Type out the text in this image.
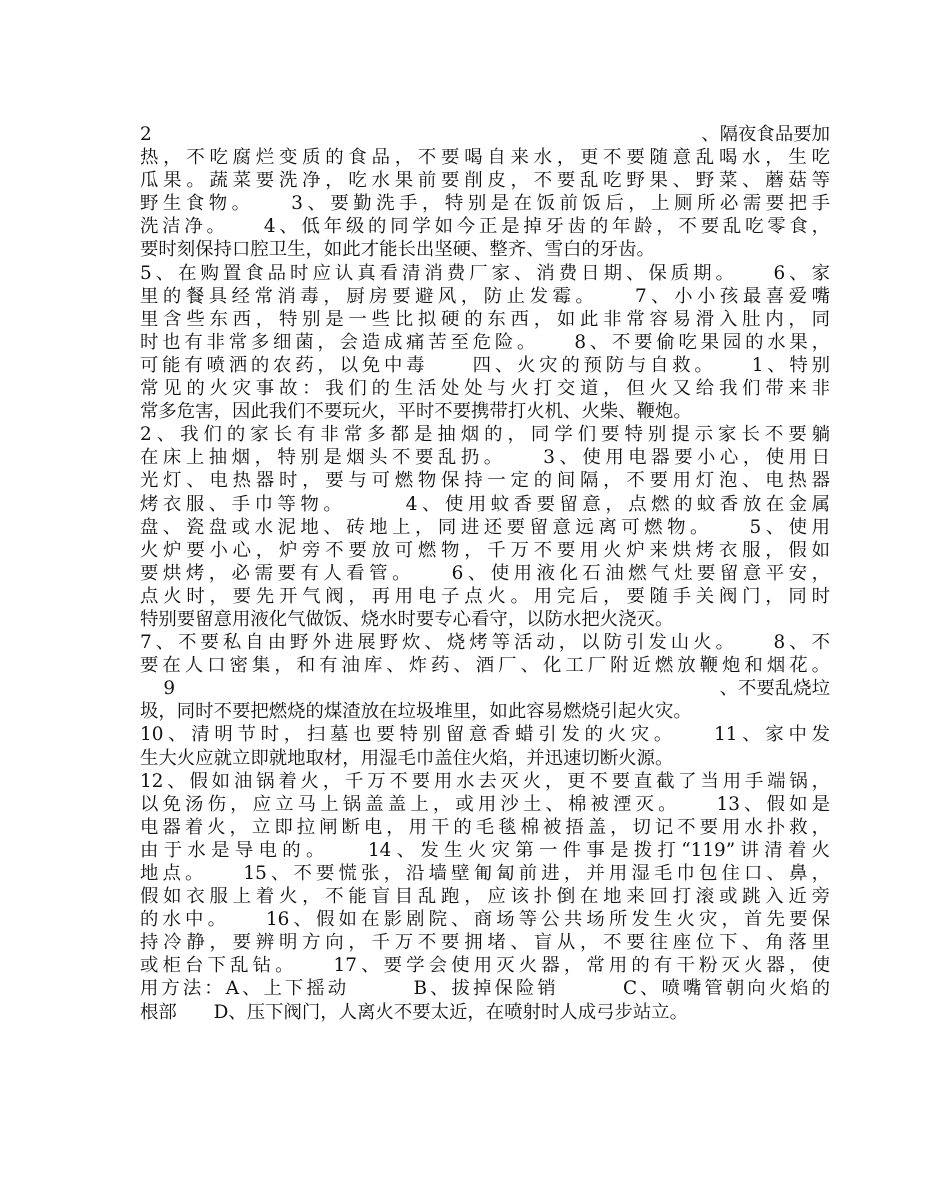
2	、隔夜食品要加
热，不吃腐烂变质的食品，不要喝自来水，更不要随意乱喝水，生吃
瓜果。蔬菜要洗净，吃水果前要削皮，不要乱吃野果、野菜、蘑菇等
野生食物。　　3、要勤洗手，特别是在饭前饭后，上厕所必需要把手
洗洁净。　　4、低年级的同学如今正是掉牙齿的年龄，不要乱吃零食，
要时刻保持口腔卫生，如此才能长出坚硬、整齐、雪白的牙齿。
5、在购置食品时应认真看清消费厂家、消费日期、保质期。　　6、家
里的餐具经常消毒，厨房要避风，防止发霉。　　7、小小孩最喜爱嘴
里含些东西，特别是一些比拟硬的东西，如此非常容易滑入肚内，同
时也有非常多细菌，会造成痛苦至危险。　　8、不要偷吃果园的水果，
可能有喷洒的农药，以免中毒　　四、火灾的预防与自救。　　1、特别
常见的火灾事故：我们的生活处处与火打交道，但火又给我们带来非
常多危害，因此我们不要玩火，平时不要携带打火机、火柴、鞭炮。
2、我们的家长有非常多都是抽烟的，同学们要特别提示家长不要躺
在床上抽烟，特别是烟头不要乱扔。　　3、使用电器要小心，使用日
光灯、电热器时，要与可燃物保持一定的间隔，不要用灯泡、电热器
烤衣服、手巾等物。　　　4、使用蚊香要留意，点燃的蚊香放在金属
盘、瓷盘或水泥地、砖地上，同进还要留意远离可燃物。　　5、使用
火炉要小心，炉旁不要放可燃物，千万不要用火炉来烘烤衣服，假如
要烘烤，必需要有人看管。　　6、使用液化石油燃气灶要留意平安，
点火时，要先开气阀，再用电子点火。用完后，要随手关阀门，同时
特别要留意用液化气做饭、烧水时要专心看守，以防水把火浇灭。
7、不要私自由野外进展野炊、烧烤等活动，以防引发山火。　　8、不
要在人口密集，和有油库、炸药、酒厂、化工厂附近燃放鞭炮和烟花。
9	、不要乱烧垃
圾，同时不要把燃烧的煤渣放在垃圾堆里，如此容易燃烧引起火灾。
10、清明节时，扫墓也要特别留意香蜡引发的火灾。　　11、家中发
生大火应就立即就地取材，用湿毛巾盖住火焰，并迅速切断火源。
12、假如油锅着火，千万不要用水去灭火，更不要直截了当用手端锅，
以免汤伤，应立马上锅盖盖上，或用沙土、棉被湮灭。　　13、假如是
电器着火，立即拉闸断电，用干的毛毯棉被捂盖，切记不要用水扑救，
由于水是导电的。　　14、发生火灾第一件事是拨打“119”讲清着火
地点。　　15、不要慌张，沿墙壁匍匐前进，并用湿毛巾包住口、鼻，
假如衣服上着火，不能盲目乱跑，应该扑倒在地来回打滚或跳入近旁
的水中。　　16、假如在影剧院、商场等公共场所发生火灾，首先要保
持冷静，要辨明方向，千万不要拥堵、盲从，不要往座位下、角落里
或柜台下乱钻。　　17、要学会使用灭火器，常用的有干粉灭火器，使
用方法：A、上下摇动　　　B、拔掉保险销　　　C、喷嘴管朝向火焰的
根部　　D、压下阀门，人离火不要太近，在喷射时人成弓步站立。
